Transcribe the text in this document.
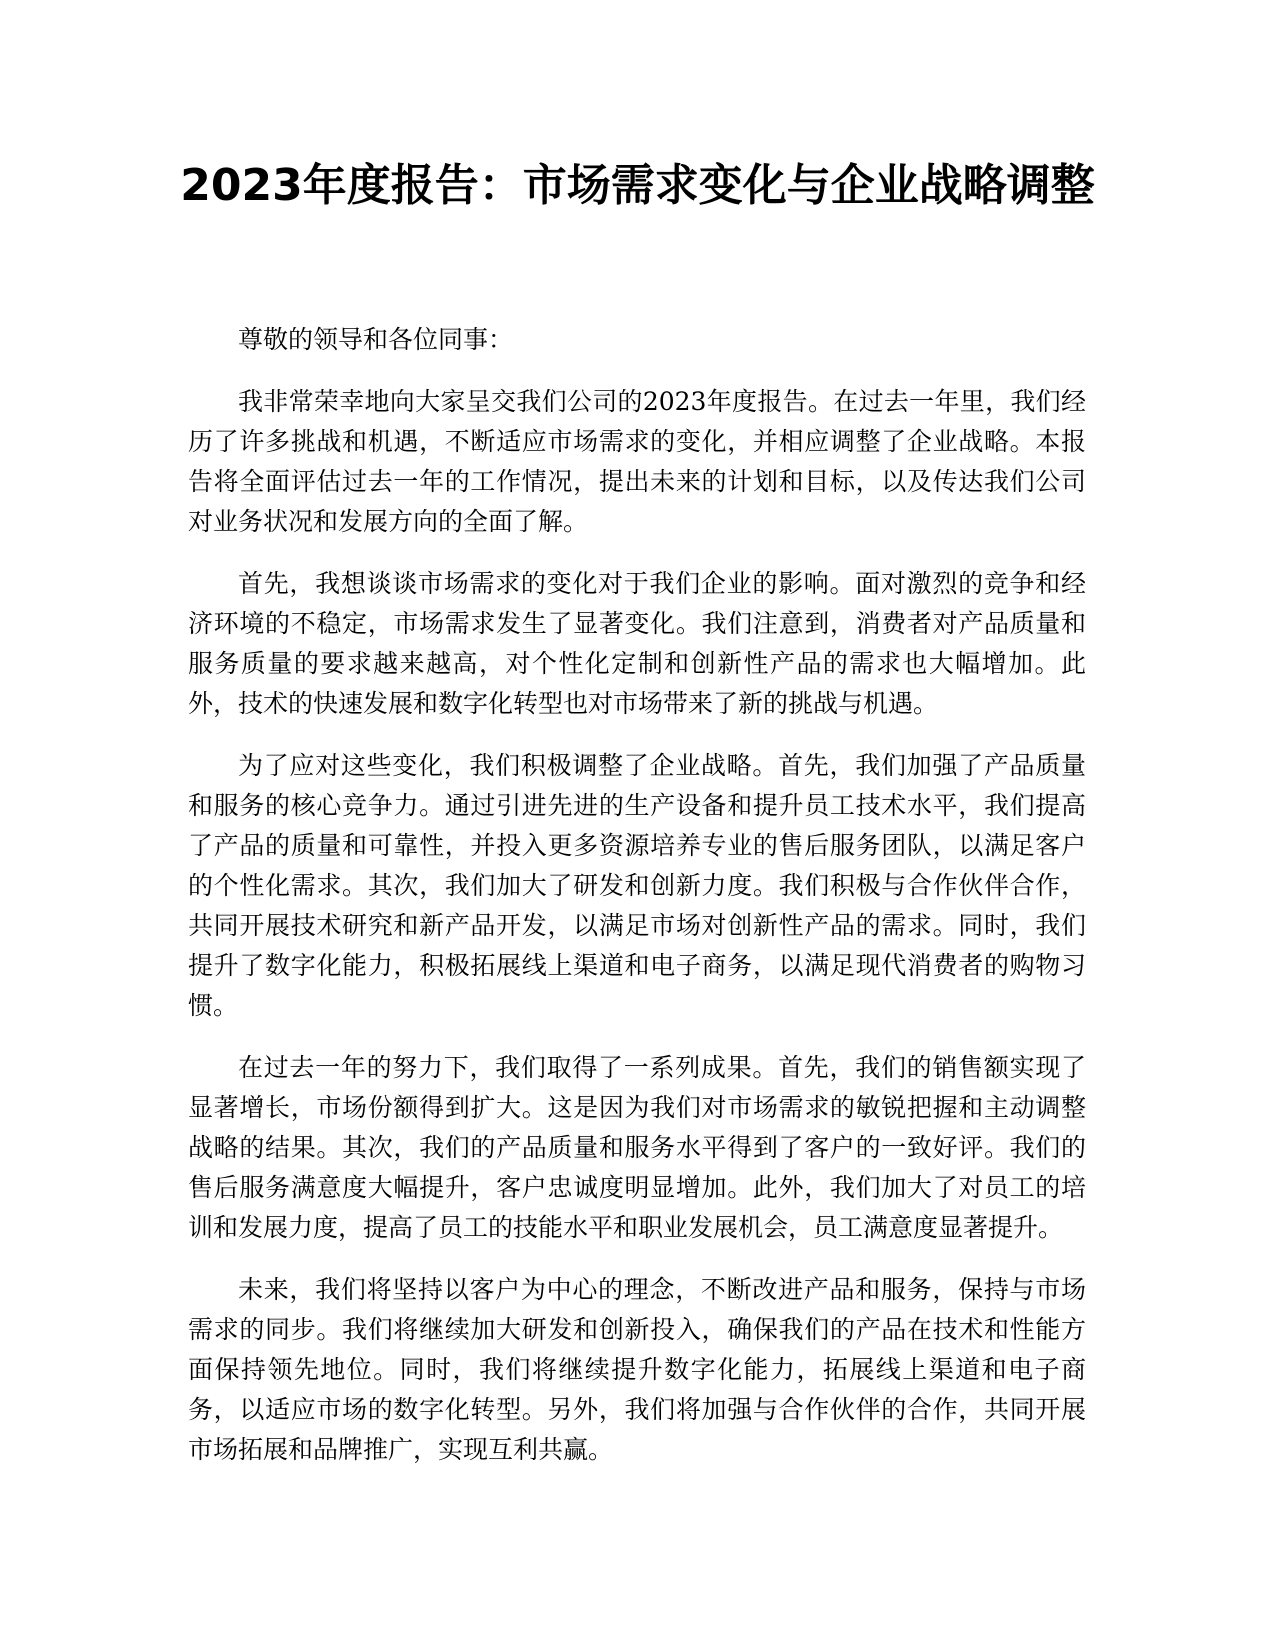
2023年度报告：市场需求变化与企业战略调整

尊敬的领导和各位同事：

我非常荣幸地向大家呈交我们公司的2023年度报告。在过去一年里，我们经历了许多挑战和机遇，不断适应市场需求的变化，并相应调整了企业战略。本报告将全面评估过去一年的工作情况，提出未来的计划和目标，以及传达我们公司对业务状况和发展方向的全面了解。

首先，我想谈谈市场需求的变化对于我们企业的影响。面对激烈的竞争和经济环境的不稳定，市场需求发生了显著变化。我们注意到，消费者对产品质量和服务质量的要求越来越高，对个性化定制和创新性产品的需求也大幅增加。此外，技术的快速发展和数字化转型也对市场带来了新的挑战与机遇。

为了应对这些变化，我们积极调整了企业战略。首先，我们加强了产品质量和服务的核心竞争力。通过引进先进的生产设备和提升员工技术水平，我们提高了产品的质量和可靠性，并投入更多资源培养专业的售后服务团队，以满足客户的个性化需求。其次，我们加大了研发和创新力度。我们积极与合作伙伴合作，共同开展技术研究和新产品开发，以满足市场对创新性产品的需求。同时，我们提升了数字化能力，积极拓展线上渠道和电子商务，以满足现代消费者的购物习惯。

在过去一年的努力下，我们取得了一系列成果。首先，我们的销售额实现了显著增长，市场份额得到扩大。这是因为我们对市场需求的敏锐把握和主动调整战略的结果。其次，我们的产品质量和服务水平得到了客户的一致好评。我们的售后服务满意度大幅提升，客户忠诚度明显增加。此外，我们加大了对员工的培训和发展力度，提高了员工的技能水平和职业发展机会，员工满意度显著提升。

未来，我们将坚持以客户为中心的理念，不断改进产品和服务，保持与市场需求的同步。我们将继续加大研发和创新投入，确保我们的产品在技术和性能方面保持领先地位。同时，我们将继续提升数字化能力，拓展线上渠道和电子商务，以适应市场的数字化转型。另外，我们将加强与合作伙伴的合作，共同开展市场拓展和品牌推广，实现互利共赢。
